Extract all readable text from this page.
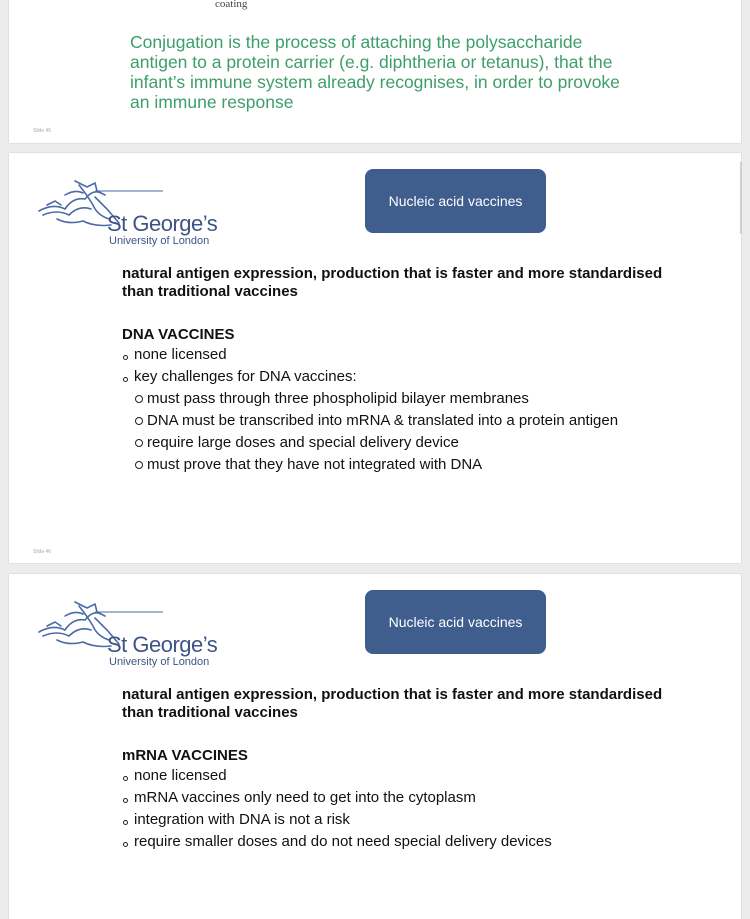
coating

Conjugation is the process of attaching the polysaccharide antigen to a protein carrier (e.g. diphtheria or tetanus), that the infant’s immune system already recognises, in order to provoke an immune response

Slide 45
St George’s
University of London
Nucleic acid vaccines

natural antigen expression, production that is faster and more standardised than traditional vaccines

DNA VACCINES

none licensed
key challenges for DNA vaccines:
must pass through three phospholipid bilayer membranes
DNA must be transcribed into mRNA & translated into a protein antigen
require large doses and special delivery device
must prove that they have not integrated with DNA
Slide 46
St George’s
University of London
Nucleic acid vaccines

natural antigen expression, production that is faster and more standardised than traditional vaccines

mRNA VACCINES

none licensed
mRNA vaccines only need to get into the cytoplasm
integration with DNA is not a risk
require smaller doses and do not need special delivery devices
